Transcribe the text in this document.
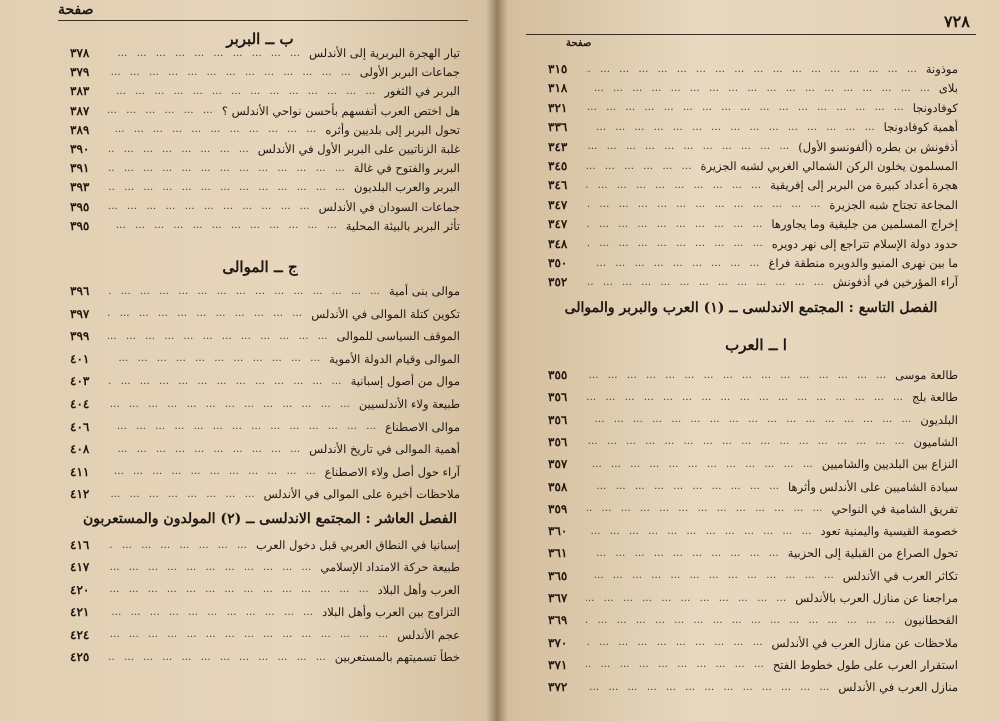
صفحة
ب ــ البربر
تيار الهجرة البربرية إلى الأندلس
… … … … … … … … … … … … … … … … … … … … … … … … …
٣٧٨
جماعات البربر الأولى
… … … … … … … … … … … … … … … … … … … … … … … … …
٣٧٩
البربر في الثغور
… … … … … … … … … … … … … … … … … … … … … … … … …
٣٨٣
هل اختص العرب أنفسهم بأحسن نواحي الأندلس ؟
… … … … … … … … … … … … … … … … … … … … … … … … …
٣٨٧
تحول البربر إلى بلديين وأثره
… … … … … … … … … … … … … … … … … … … … … … … … …
٣٨٩
غلبة الزناتيين على البربر الأول في الأندلس
… … … … … … … … … … … … … … … … … … … … … … … … …
٣٩٠
البربر والفتوح في غالة
… … … … … … … … … … … … … … … … … … … … … … … … …
٣٩١
البربر والعرب البلديون
… … … … … … … … … … … … … … … … … … … … … … … … …
٣٩٣
جماعات السودان في الأندلس
… … … … … … … … … … … … … … … … … … … … … … … … …
٣٩٥
تأثر البربر بالبيئة المحلية
… … … … … … … … … … … … … … … … … … … … … … … … …
٣٩٥
ج ــ الموالى
موالى بنى أمية
… … … … … … … … … … … … … … … … … … … … … … … … …
٣٩٦
تكوين كتلة الموالى في الأندلس
… … … … … … … … … … … … … … … … … … … … … … … … …
٣٩٧
الموقف السياسى للموالى
… … … … … … … … … … … … … … … … … … … … … … … … …
٣٩٩
الموالى وقيام الدولة الأموية
… … … … … … … … … … … … … … … … … … … … … … … … …
٤٠١
موال من أصول إسبانية
… … … … … … … … … … … … … … … … … … … … … … … … …
٤٠٣
طبيعة ولاء الأندلسيين
… … … … … … … … … … … … … … … … … … … … … … … … …
٤٠٤
موالى الاصطناع
… … … … … … … … … … … … … … … … … … … … … … … … …
٤٠٦
أهمية الموالى في تاريخ الأندلس
… … … … … … … … … … … … … … … … … … … … … … … … …
٤٠٨
آراء حول أصل ولاء الاصطناع
… … … … … … … … … … … … … … … … … … … … … … … … …
٤١١
ملاحظات أخيرة على الموالى في الأندلس
… … … … … … … … … … … … … … … … … … … … … … … … …
٤١٢
الفصل العاشر : المجتمع الاندلسى ــ (٢) المولدون والمستعربون
إسبانيا في النطاق العربي قبل دخول العرب
… … … … … … … … … … … … … … … … … … … … … … … … …
٤١٦
طبيعة حركة الامتداد الإسلامي
… … … … … … … … … … … … … … … … … … … … … … … … …
٤١٧
العرب وأهل البلاد
… … … … … … … … … … … … … … … … … … … … … … … … …
٤٢٠
التزاوج بين العرب وأهل البلاد
… … … … … … … … … … … … … … … … … … … … … … … … …
٤٢١
عجم الأندلس
… … … … … … … … … … … … … … … … … … … … … … … … …
٤٢٤
خطأ تسميتهم بالمستعربين
… … … … … … … … … … … … … … … … … … … … … … … … …
٤٢٥
٧٢٨
صفحة
موذونة
… … … … … … … … … … … … … … … … … … … … … … … … …
٣١٥
بلاى
… … … … … … … … … … … … … … … … … … … … … … … … …
٣١٨
كوفادونجا
… … … … … … … … … … … … … … … … … … … … … … … … …
٣٢١
أهمية كوفادونجا
… … … … … … … … … … … … … … … … … … … … … … … … …
٣٣٦
أذفونش بن بطره (ألفونسو الأول)
… … … … … … … … … … … … … … … … … … … … … … … … …
٣٤٣
المسلمون يخلون الركن الشمالي الغربي لشبه الجزيرة
… … … … … … … … … … … … … … … … … … … … … … … … …
٣٤٥
هجرة أعداد كبيرة من البربر إلى إفريقية
… … … … … … … … … … … … … … … … … … … … … … … … …
٣٤٦
المجاعة تجتاح شبه الجزيرة
… … … … … … … … … … … … … … … … … … … … … … … … …
٣٤٧
إخراج المسلمين من جليقية وما يجاورها
… … … … … … … … … … … … … … … … … … … … … … … … …
٣٤٧
حدود دولة الإسلام تتراجع إلى نهر دويره
… … … … … … … … … … … … … … … … … … … … … … … … …
٣٤٨
ما بين نهرى المنيو والدويره منطقة فراغ
… … … … … … … … … … … … … … … … … … … … … … … … …
٣٥٠
آراء المؤرخين في أذفونش
… … … … … … … … … … … … … … … … … … … … … … … … …
٣٥٢
الفصل التاسع : المجتمع الاندلسى ــ (١) العرب والبربر والموالى
ا ــ العرب
طالعة موسى
… … … … … … … … … … … … … … … … … … … … … … … … …
٣٥٥
طالعة بلج
… … … … … … … … … … … … … … … … … … … … … … … … …
٣٥٦
البلديون
… … … … … … … … … … … … … … … … … … … … … … … … …
٣٥٦
الشاميون
… … … … … … … … … … … … … … … … … … … … … … … … …
٣٥٦
النزاع بين البلديين والشاميين
… … … … … … … … … … … … … … … … … … … … … … … … …
٣٥٧
سيادة الشاميين على الأندلس وأثرها
… … … … … … … … … … … … … … … … … … … … … … … … …
٣٥٨
تفريق الشامية في النواحي
… … … … … … … … … … … … … … … … … … … … … … … … …
٣٥٩
خصومة القيسية واليمنية تعود
… … … … … … … … … … … … … … … … … … … … … … … … …
٣٦٠
تحول الصراع من القبلية إلى الحزبية
… … … … … … … … … … … … … … … … … … … … … … … … …
٣٦١
تكاثر العرب في الأندلس
… … … … … … … … … … … … … … … … … … … … … … … … …
٣٦٥
مراجعنا عن منازل العرب بالأندلس
… … … … … … … … … … … … … … … … … … … … … … … … …
٣٦٧
القحطانيون
… … … … … … … … … … … … … … … … … … … … … … … … …
٣٦٩
ملاحظات عن منازل العرب في الأندلس
… … … … … … … … … … … … … … … … … … … … … … … … …
٣٧٠
استقرار العرب على طول خطوط الفتح
… … … … … … … … … … … … … … … … … … … … … … … … …
٣٧١
منازل العرب في الأندلس
… … … … … … … … … … … … … … … … … … … … … … … … …
٣٧٢
